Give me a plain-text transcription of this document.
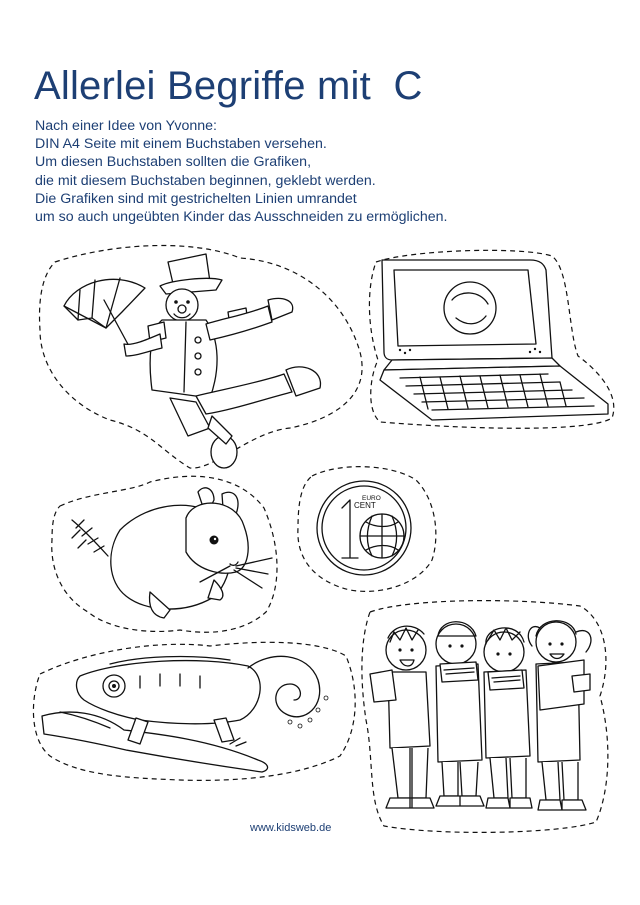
Allerlei Begriffe mit  C
Nach einer Idee von Yvonne:
DIN A4 Seite mit einem Buchstaben versehen.
Um diesen Buchstaben sollten die Grafiken,
die mit diesem Buchstaben beginnen, geklebt werden.
Die Grafiken sind mit gestrichelten Linien umrandet
um so auch ungeübten Kinder das Ausschneiden zu ermöglichen.
EURO
CENT
www.kidsweb.de
